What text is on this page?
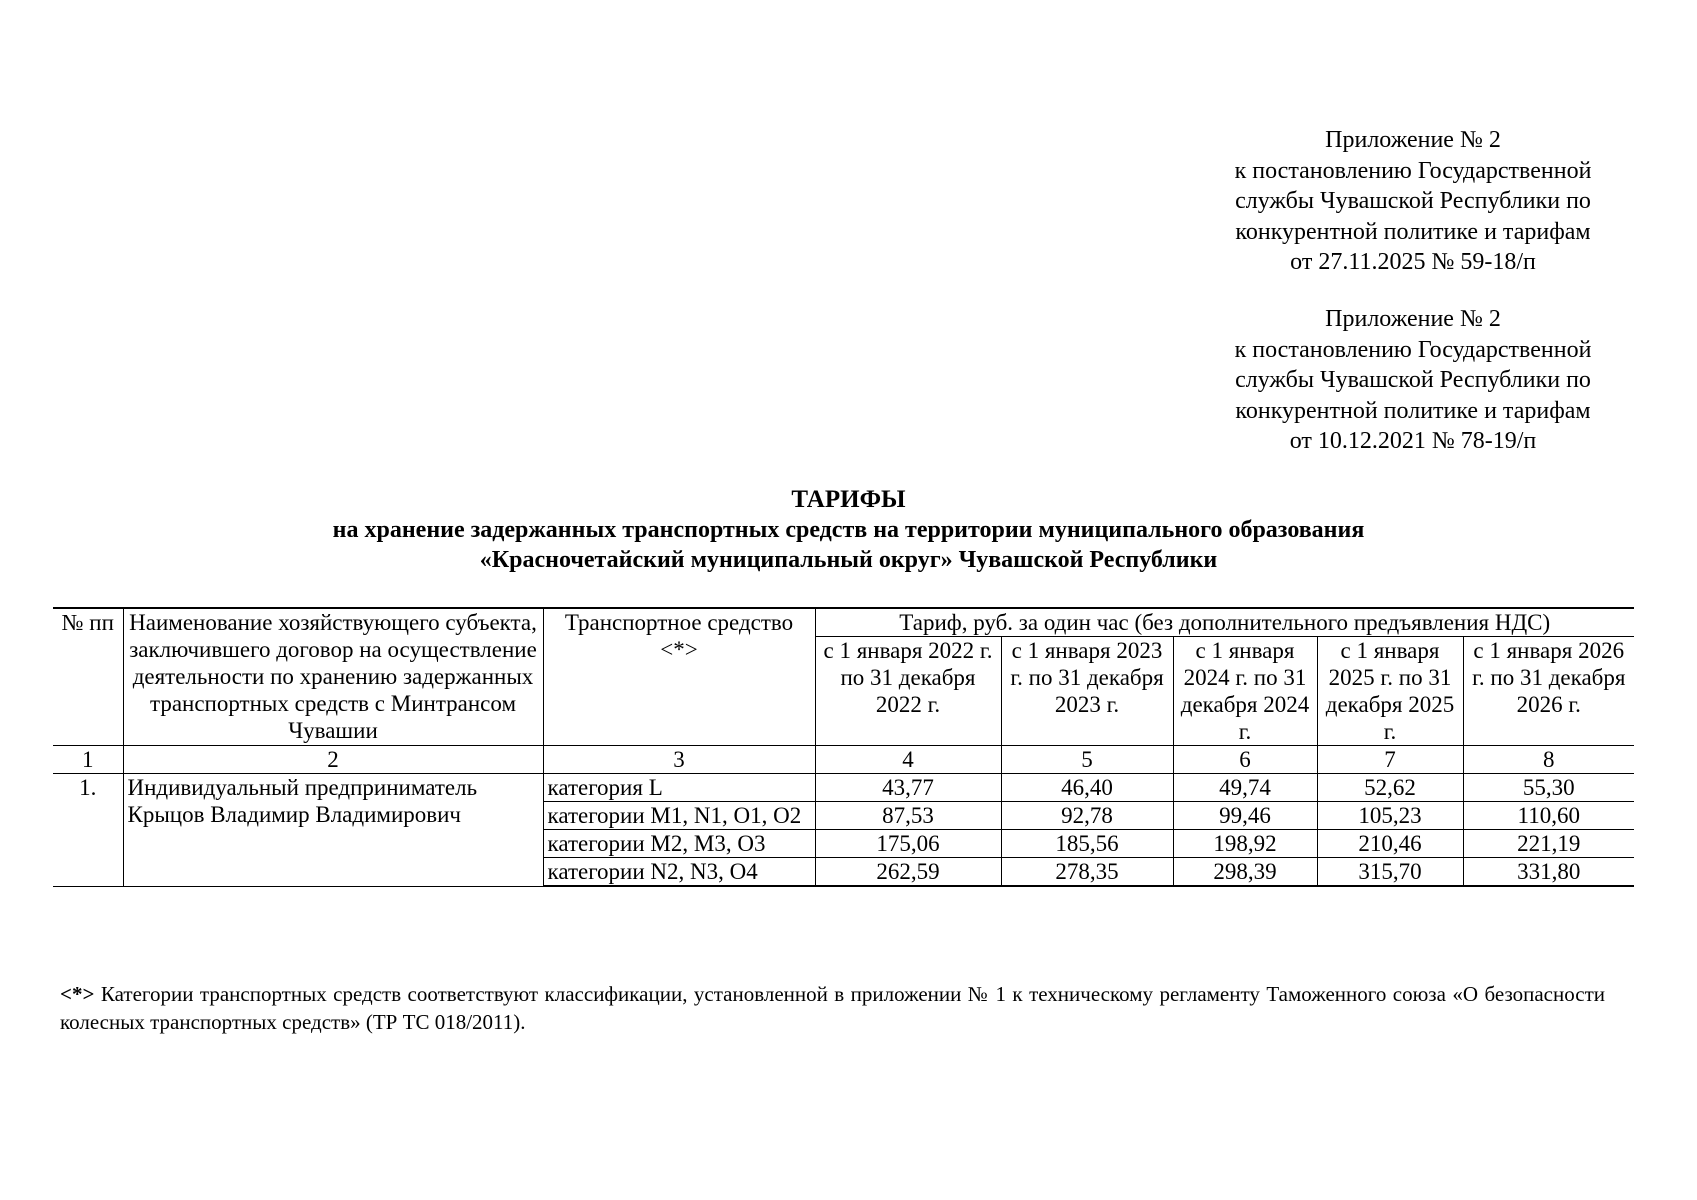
Приложение № 2
к постановлению Государственной
службы Чувашской Республики по
конкурентной политике и тарифам
от 27.11.2025 № 59-18/п
Приложение № 2
к постановлению Государственной
службы Чувашской Республики по
конкурентной политике и тарифам
от 10.12.2021 № 78-19/п
ТАРИФЫ
на хранение задержанных транспортных средств на территории муниципального образования
«Красночетайский муниципальный округ» Чувашской Республики
№ пп	Наименование хозяйствующего субъекта, заключившего договор на осуществление деятельности по хранению задержанных транспортных средств с Минтрансом Чувашии	Транспортное средство <*>	Тариф, руб. за один час (без дополнительного предъявления НДС)				
			с 1 января 2022 г. по 31 декабря 2022 г.	с 1 января 2023 г. по 31 декабря 2023 г.	с 1 января 2024 г. по 31 декабря 2024 г.	с 1 января 2025 г. по 31 декабря 2025 г.	с 1 января 2026 г. по 31 декабря 2026 г.
1	2	3	4	5	6	7	8
1.	Индивидуальный предприниматель Крыцов Владимир Владимирович	категория L	43,77	46,40	49,74	52,62	55,30
		категории M1, N1, O1, O2	87,53	92,78	99,46	105,23	110,60
		категории M2, M3, O3	175,06	185,56	198,92	210,46	221,19
		категории N2, N3, O4	262,59	278,35	298,39	315,70	331,80
<*> Категории транспортных средств соответствуют классификации, установленной в приложении № 1 к техническому регламенту Таможенного союза «О безопасности колесных транспортных средств» (ТР ТС 018/2011).
